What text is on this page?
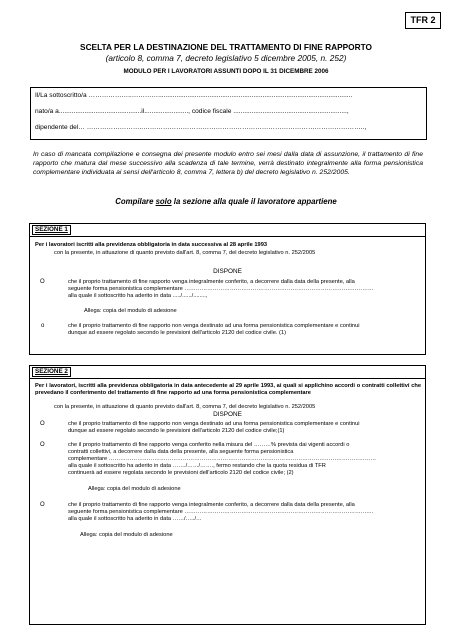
TFR 2
SCELTA PER LA DESTINAZIONE DEL TRATTAMENTO DI FINE RAPPORTO
(articolo 8, comma 7, decreto legislativo 5 dicembre 2005, n. 252)
MODULO PER I LAVORATORI ASSUNTI DOPO IL 31 DICEMBRE 2006
Il/La sottoscritto/a ………………..…………..........................................................................................................
nato/a a.............................................il........................, codice fiscale ..............................................................,
dipendente del… ……………………..………………………………………………………………………………………..,
In caso di mancata compilazione e consegna dei presente modulo entro sei mesi dalla data di assunzione, il trattamento di fine rapporto che matura dal mese successivo alla scadenza di tale termine, verrà destinato integralmente alla forma pensionistica complementare individuata ai sensi dell'articolo 8, comma 7, lettera b) del decreto legislativo n. 252/2005.
Compilare solo la sezione alla quale il lavoratore appartiene
SEZIONE 1
Per i lavoratori iscritti alla previdenza obbligatoria in data successiva al 28 aprile 1993
con la presente, in attuazione di quanto previsto dall'art. 8, comma 7, del decreto legislativo n. 252/2005
DISPONE
O	che il proprio trattamento di fine rapporto venga integralmente conferito, a decorrere dalla data della presente, alla
seguente forma pensionistica complementare …………………………………………………………………………….…………
alla quale il sottoscritto ha aderito in data ...../....../........,
Allega: copia del modulo di adesione
o	che il proprio trattamento di fine rapporto non venga destinato ad una forma pensionistica complementare e continui
dunque ad essere regolato secondo le previsioni dell'articolo 2120 del codice civile. (1)
SEZIONE 2
Per i lavoratori, iscritti alla previdenza obbligatoria in data antecedente al 29 aprile 1993, ai quali si applichino accordi o contratti collettivi che prevedano il conferimento del trattamento di fine rapporto ad una forma pensionistica complementare
con la presente, in attuazione di quanto previsto dall'art. 8, comma 7, del decreto legislativo n. 252/2005
DISPONE
O	che il proprio trattamento di fine rapporto non venga destinato ad una forma pensionistica complementare e continui
dunque ad essere regolato secondo le previsioni dell'articolo 2120 del codice civile;(1)
O	che il proprio trattamento di fine rapporto venga conferito nella misura del ………% prevista dai vigenti accordi o
contratti collettivi, a decorrere dalla data della presente, alla seguente forma pensionistica
complementare ……………………………………………………………………………………………………………………………
alla quale il sottoscritto ha aderito in data ……./……/……., fermo restando che la quota residua di TFR
continuerà ad essere regolata secondo le previsioni dell'articolo 2120 del codice civile; (2)
Allega: copia del modulo di adesione
O	che il proprio trattamento di fine rapporto venga integralmente conferito, a decorrere dalla data della presente, alla
seguente forma pensionistica complementare …………………………………………………………………………………….…
alla quale il sottoscritto ha aderito in data ……/…../…
Allega: copia del modulo di adesione
